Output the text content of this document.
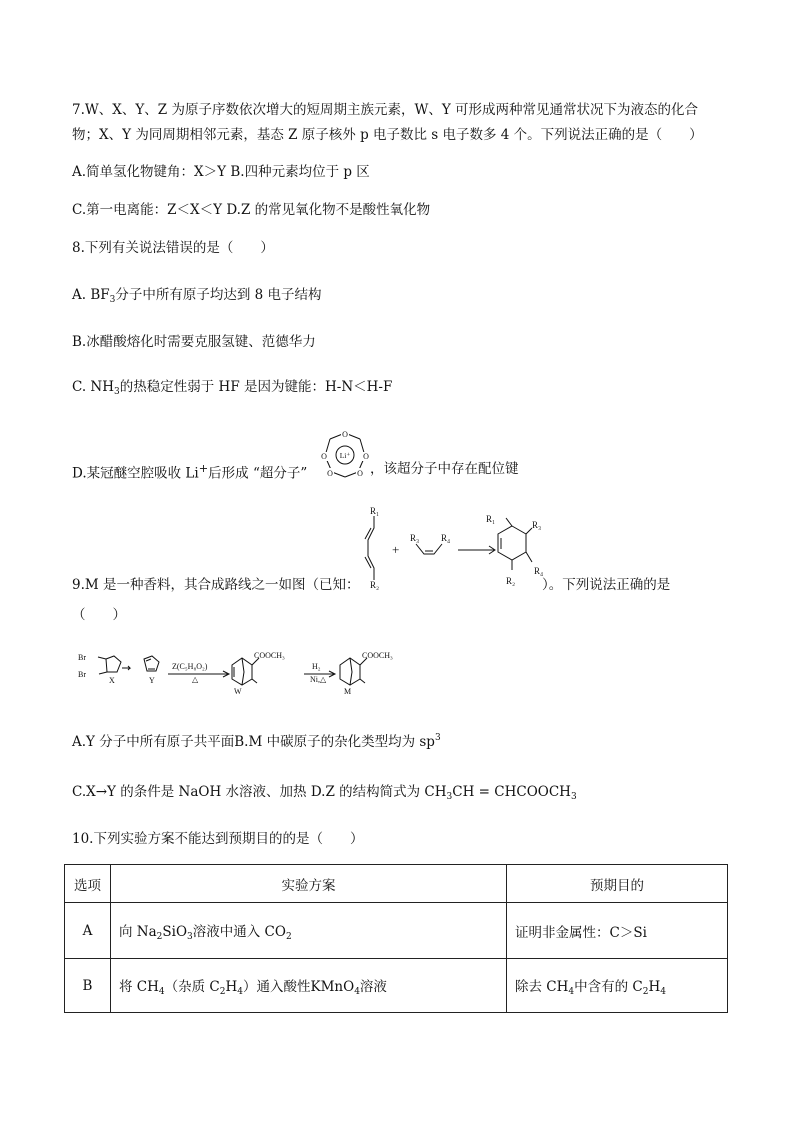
7.W、X、Y、Z 为原子序数依次增大的短周期主族元素，W、Y 可形成两种常见通常状况下为液态的化合
物；X、Y 为同周期相邻元素，基态 Z 原子核外 p 电子数比 s 电子数多 4 个。下列说法正确的是（　　）
A.简单氢化物键角：X＞Y B.四种元素均位于 p 区
C.第一电离能：Z＜X＜Y D.Z 的常见氧化物不是酸性氧化物
8.下列有关说法错误的是（　　）
A. $BF_3$分子中所有原子均达到 8 电子结构
B.冰醋酸熔化时需要克服氢键、范德华力
C. $NH_3$的热稳定性弱于 HF 是因为键能：H-N＜H-F
D.某冠醚空腔吸收 Li+后形成 “超分子”
O
O	O
O	O
Li⁺
，该超分子中存在配位键
9.M 是一种香料，其合成路线之一如图（已知：
R₁
R₂
+
R₃ R₄
R₁
R₃
R₄
R₂ ）。下列说法正确的是
（　　）
Br
Br
X	Y
Z(C₅H₈O₂)
△
COOCH₃
W
H₂
Ni,△
COOCH₃
M
A.Y 分子中所有原子共平面B.M 中碳原子的杂化类型均为 $sp^3$
C.X→Y 的条件是 NaOH 水溶液、加热 D.Z 的结构简式为 $CH_3CH$ = $CHCOOCH_3$
10.下列实验方案不能达到预期目的的是（　　）
选项	实验方案	预期目的
A	向 $Na_2SiO_3$溶液中通入 $CO_2$	证明非金属性：C＞Si
B	将 $CH_4$（杂质 $C_2H_4$）通入酸性KMnO$_4$溶液	除去 $CH_4$中含有的 $C_2H_4$
